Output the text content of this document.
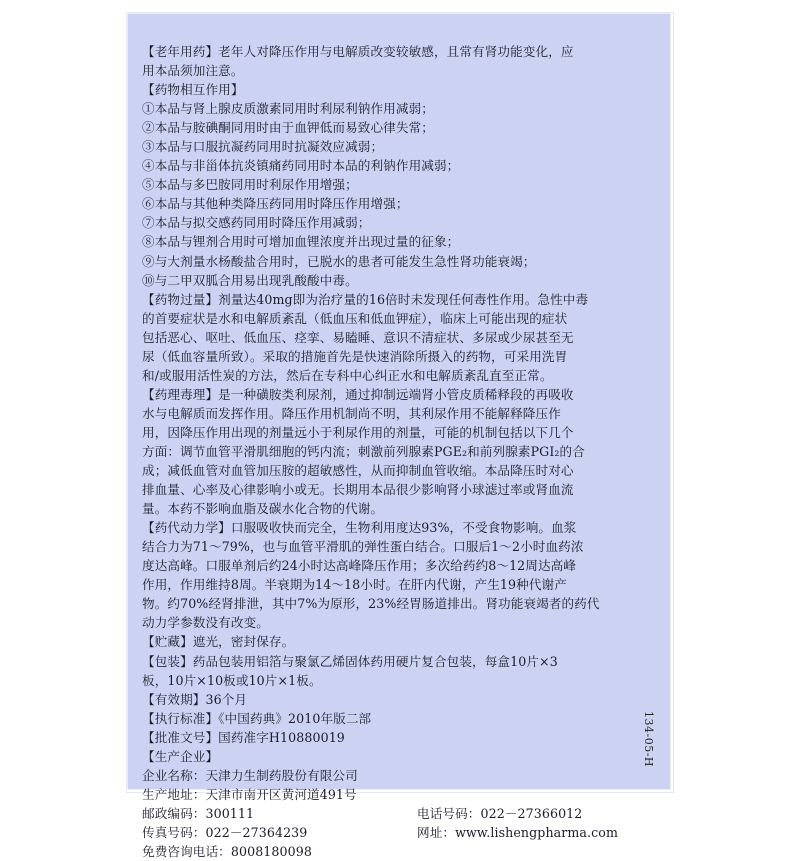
【老年用药】老年人对降压作用与电解质改变较敏感，且常有肾功能变化，应
用本品须加注意。
【药物相互作用】
①本品与肾上腺皮质激素同用时利尿利钠作用减弱；
②本品与胺碘酮同用时由于血钾低而易致心律失常；
③本品与口服抗凝药同用时抗凝效应减弱；
④本品与非甾体抗炎镇痛药同用时本品的利钠作用减弱；
⑤本品与多巴胺同用时利尿作用增强；
⑥本品与其他种类降压药同用时降压作用增强；
⑦本品与拟交感药同用时降压作用减弱；
⑧本品与锂剂合用时可增加血锂浓度并出现过量的征象；
⑨与大剂量水杨酸盐合用时，已脱水的患者可能发生急性肾功能衰竭；
⑩与二甲双胍合用易出现乳酸酸中毒。
【药物过量】剂量达40mg即为治疗量的16倍时未发现任何毒性作用。急性中毒
的首要症状是水和电解质紊乱（低血压和低血钾症），临床上可能出现的症状
包括恶心、呕吐、低血压、痉挛、易瞌睡、意识不清症状、多尿或少尿甚至无
尿（低血容量所致）。采取的措施首先是快速消除所摄入的药物，可采用洗胃
和/或服用活性炭的方法，然后在专科中心纠正水和电解质紊乱直至正常。
【药理毒理】是一种磺胺类利尿剂，通过抑制远端肾小管皮质稀释段的再吸收
水与电解质而发挥作用。降压作用机制尚不明，其利尿作用不能解释降压作
用，因降压作用出现的剂量远小于利尿作用的剂量，可能的机制包括以下几个
方面：调节血管平滑肌细胞的钙内流；刺激前列腺素PGE₂和前列腺素PGI₂的合
成；减低血管对血管加压胺的超敏感性，从而抑制血管收缩。本品降压时对心
排血量、心率及心律影响小或无。长期用本品很少影响肾小球滤过率或肾血流
量。本药不影响血脂及碳水化合物的代谢。
【药代动力学】口服吸收快而完全，生物利用度达93%，不受食物影响。血浆
结合力为71～79%，也与血管平滑肌的弹性蛋白结合。口服后1～2小时血药浓
度达高峰。口服单剂后约24小时达高峰降压作用；多次给药约8～12周达高峰
作用，作用维持8周。半衰期为14～18小时。在肝内代谢，产生19种代谢产
物。约70%经肾排泄，其中7%为原形，23%经胃肠道排出。肾功能衰竭者的药代
动力学参数没有改变。
【贮藏】遮光，密封保存。
【包装】药品包装用铝箔与聚氯乙烯固体药用硬片复合包装，每盒10片×3
板，10片×10板或10片×1板。
【有效期】36个月
【执行标准】《中国药典》2010年版二部
【批准文号】国药准字H10880019
【生产企业】
企业名称：天津力生制药股份有限公司
生产地址：天津市南开区黄河道491号
邮政编码：300111	电话号码：022－27366012
传真号码：022－27364239	网址：www.lishengpharma.com
免费咨询电话：8008180098
134-05-H
